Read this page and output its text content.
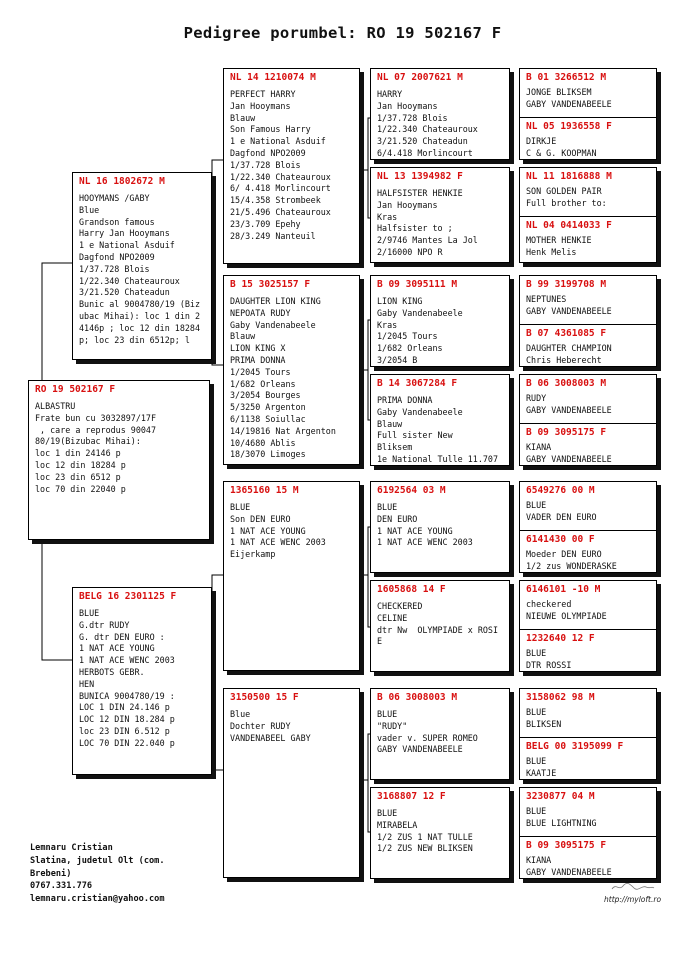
Pedigree porumbel: RO 19 502167 F
RO 19 502167 F
ALBASTRU
Frate bun cu 3032897/17F
, care a reprodus 90047
80/19(Bizubac Mihai):
loc 1 din 24146 p
loc 12 din 18284 p
loc 23 din 6512 p
loc 70 din 22040 p
NL 16 1802672 M
HOOYMANS /GABY
Blue
Grandson famous
Harry Jan Hooymans
1 e National Asduif
Dagfond NPO2009
1/37.728 Blois
1/22.340 Chateauroux
3/21.520 Chateadun
Bunic al 9004780/19 (Biz
ubac Mihai): loc 1 din 2
4146p ; loc 12 din 18284
p; loc 23 din 6512p; l
BELG 16 2301125 F
BLUE
G.dtr RUDY
G. dtr DEN EURO :
1 NAT ACE YOUNG
1 NAT ACE WENC 2003
HERBOTS GEBR.
HEN
BUNICA 9004780/19 :
LOC 1 DIN 24.146 p
LOC 12 DIN 18.284 p
loc 23 DIN 6.512 p
LOC 70 DIN 22.040 p
NL 14 1210074 M
PERFECT HARRY
Jan Hooymans
Blauw
Son Famous Harry
1 e National Asduif
Dagfond NPO2009
1/37.728 Blois
1/22.340 Chateauroux
6/ 4.418 Morlincourt
15/4.358 Strombeek
21/5.496 Chateauroux
23/3.709 Epehy
28/3.249 Nanteuil
B 15 3025157 F
DAUGHTER LION KING
NEPOATA RUDY
Gaby Vandenabeele
Blauw
LION KING X
PRIMA DONNA
1/2045 Tours
1/682 Orleans
3/2054 Bourges
5/3250 Argenton
6/1138 Soiullac
14/19816 Nat Argenton
10/4680 Ablis
18/3070 Limoges
1365160 15 M
BLUE
Son DEN EURO
1 NAT ACE YOUNG
1 NAT ACE WENC 2003
Eijerkamp
3150500 15 F
Blue
Dochter RUDY
VANDENABEEL GABY
NL 07 2007621 M
HARRY
Jan Hooymans
1/37.728 Blois
1/22.340 Chateauroux
3/21.520 Chateadun
6/4.418 Morlincourt
NL 13 1394982 F
HALFSISTER HENKIE
Jan Hooymans
Kras
Halfsister to ;
2/9746 Mantes La Jol
2/16000 NPO R
B 09 3095111 M
LION KING
Gaby Vandenabeele
Kras
1/2045 Tours
1/682 Orleans
3/2054 B
B 14 3067284 F
PRIMA DONNA
Gaby Vandenabeele
Blauw
Full sister New
Bliksem
1e National Tulle 11.707
6192564 03 M
BLUE
DEN EURO
1 NAT ACE YOUNG
1 NAT ACE WENC 2003
1605868 14 F
CHECKERED
CELINE
dtr Nw  OLYMPIADE x ROSI
E
B 06 3008003 M
BLUE
"RUDY"
vader v. SUPER ROMEO
GABY VANDENABEELE
3168807 12 F
BLUE
MIRABELA
1/2 ZUS 1 NAT TULLE
1/2 ZUS NEW BLIKSEN
B 01 3266512 M
JONGE BLIKSEM
GABY VANDENABEELE
NL 05 1936558 F
DIRKJE
C & G. KOOPMAN
NL 11 1816888 M
SON GOLDEN PAIR
Full brother to:
NL 04 0414033 F
MOTHER HENKIE
Henk Melis
B 99 3199708 M
NEPTUNES
GABY VANDENABEELE
B 07 4361085 F
DAUGHTER CHAMPION
Chris Heberecht
B 06 3008003 M
RUDY
GABY VANDENABEELE
B 09 3095175 F
KIANA
GABY VANDENABEELE
6549276 00 M
BLUE
VADER DEN EURO
6141430 00 F
Moeder DEN EURO
1/2 zus WONDERASKE
6146101 -10 M
checkered
NIEUWE OLYMPIADE
1232640 12 F
BLUE
DTR ROSSI
3158062 98 M
BLUE
BLIKSEN
BELG 00 3195099 F
BLUE
KAATJE
3230877 04 M
BLUE
BLUE LIGHTNING
B 09 3095175 F
KIANA
GABY VANDENABEELE
Lemnaru Cristian
Slatina, judetul Olt (com.
Brebeni)
0767.331.776
lemnaru.cristian@yahoo.com	http://myloft.ro
